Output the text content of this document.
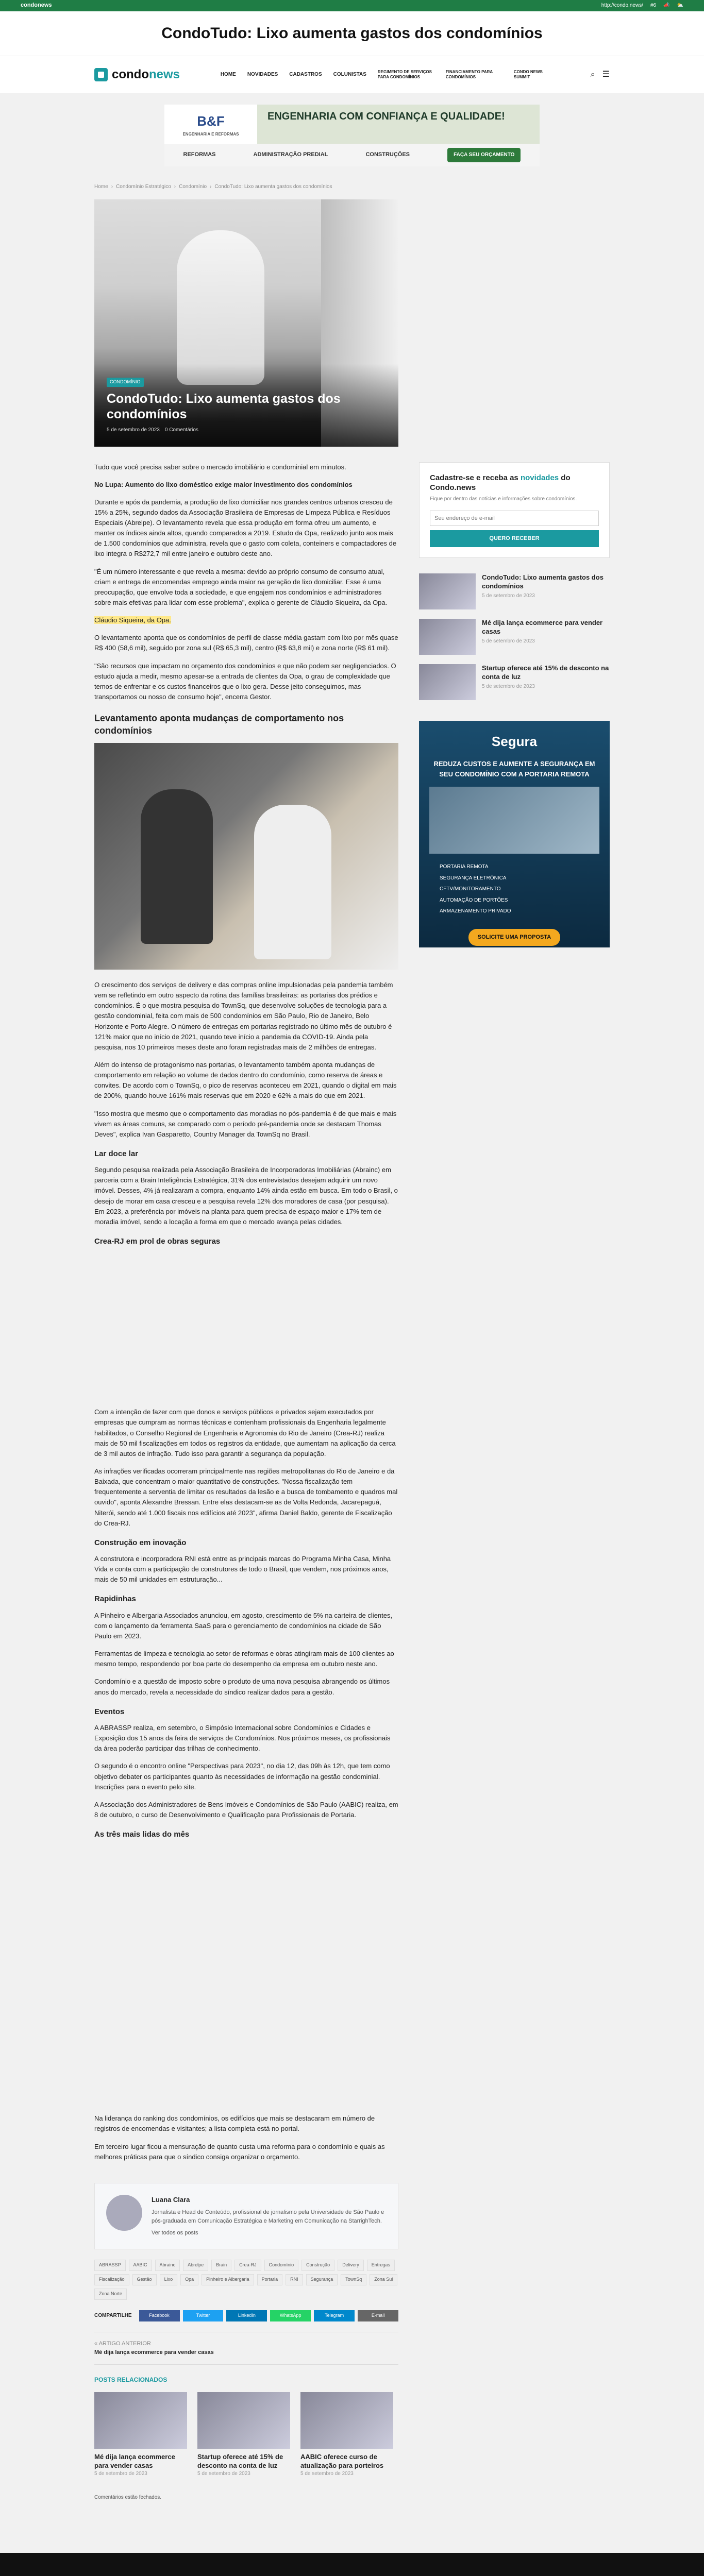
condonews	http://condo.news/ #6 📣 ⛅
CondoTudo: Lixo aumenta gastos dos condomínios
condonews	HOME NOVIDADES CADASTROS COLUNISTAS	REGIMENTO DE SERVIÇOS PARA CONDOMÍNIOS
FINANCIAMENTO PARA CONDOMÍNIOS
CONDO NEWS SUMMIT	⌕ ☰
B&F
ENGENHARIA E REFORMAS
ENGENHARIA COM CONFIANÇA E QUALIDADE!
REFORMAS	ADMINISTRAÇÃO PREDIAL	CONSTRUÇÕES	FAÇA SEU ORÇAMENTO
Home › Condomínio Estratégico › Condomínio › CondoTudo: Lixo aumenta gastos dos condomínios
CONDOMÍNIO
CondoTudo: Lixo aumenta gastos dos condomínios
5 de setembro de 2023 0 Comentários

Tudo que você precisa saber sobre o mercado imobiliário e condominial em minutos.

No Lupa: Aumento do lixo doméstico exige maior investimento dos condomínios

Durante e após da pandemia, a produção de lixo domiciliar nos grandes centros urbanos cresceu de 15% a 25%, segundo dados da Associação Brasileira de Empresas de Limpeza Pública e Resíduos Especiais (Abrelpe). O levantamento revela que essa produção em forma ofreu um aumento, e manter os índices ainda altos, quando comparados a 2019. Estudo da Opa, realizado junto aos mais de 1.500 condomínios que administra, revela que o gasto com coleta, conteiners e compactadores de lixo integra o R$272,7 mil entre janeiro e outubro deste ano.

"É um número interessante e que revela a mesma: devido ao próprio consumo de consumo atual, criam e entrega de encomendas emprego ainda maior na geração de lixo domiciliar. Esse é uma preocupação, que envolve toda a sociedade, e que engajem nos condomínios e administradores sobre mais efetivas para lidar com esse problema", explica o gerente de Cláudio Siqueira, da Opa.

Cláudio Siqueira, da Opa.

O levantamento aponta que os condomínios de perfil de classe média gastam com lixo por mês quase R$ 400 (58,6 mil), seguido por zona sul (R$ 65,3 mil), centro (R$ 63,8 mil) e zona norte (R$ 61 mil).

"São recursos que impactam no orçamento dos condomínios e que não podem ser negligenciados. O estudo ajuda a medir, mesmo apesar-se a entrada de clientes da Opa, o grau de complexidade que temos de enfrentar e os custos financeiros que o lixo gera. Desse jeito conseguimos, mas transportamos ou nosso de consumo hoje", encerra Gestor.

Levantamento aponta mudanças de comportamento nos condomínios

O crescimento dos serviços de delivery e das compras online impulsionadas pela pandemia também vem se refletindo em outro aspecto da rotina das famílias brasileiras: as portarias dos prédios e condomínios. É o que mostra pesquisa do TownSq, que desenvolve soluções de tecnologia para a gestão condominial, feita com mais de 500 condomínios em São Paulo, Rio de Janeiro, Belo Horizonte e Porto Alegre. O número de entregas em portarias registrado no último mês de outubro é 121% maior que no início de 2021, quando teve início a pandemia da COVID-19. Ainda pela pesquisa, nos 10 primeiros meses deste ano foram registradas mais de 2 milhões de entregas.

Além do intenso de protagonismo nas portarias, o levantamento também aponta mudanças de comportamento em relação ao volume de dados dentro do condomínio, como reserva de áreas e convites. De acordo com o TownSq, o pico de reservas aconteceu em 2021, quando o digital em mais de 200%, quando houve 161% mais reservas que em 2020 e 62% a mais do que em 2021.

"Isso mostra que mesmo que o comportamento das moradias no pós-pandemia é de que mais e mais vivem as áreas comuns, se comparado com o período pré-pandemia onde se destacam Thomas Deves", explica Ivan Gasparetto, Country Manager da TownSq no Brasil.

Lar doce lar

Segundo pesquisa realizada pela Associação Brasileira de Incorporadoras Imobiliárias (Abrainc) em parceria com a Brain Inteligência Estratégica, 31% dos entrevistados desejam adquirir um novo imóvel. Desses, 4% já realizaram a compra, enquanto 14% ainda estão em busca. Em todo o Brasil, o desejo de morar em casa cresceu e a pesquisa revela 12% dos moradores de casa (por pesquisa). Em 2023, a preferência por imóveis na planta para quem precisa de espaço maior e 17% tem de moradia imóvel, sendo a locação a forma em que o mercado avança pelas cidades.

Crea-RJ em prol de obras seguras

Com a intenção de fazer com que donos e serviços públicos e privados sejam executados por empresas que cumpram as normas técnicas e contenham profissionais da Engenharia legalmente habilitados, o Conselho Regional de Engenharia e Agronomia do Rio de Janeiro (Crea-RJ) realiza mais de 50 mil fiscalizações em todos os registros da entidade, que aumentam na aplicação da cerca de 3 mil autos de infração. Tudo isso para garantir a segurança da população.

As infrações verificadas ocorreram principalmente nas regiões metropolitanas do Rio de Janeiro e da Baixada, que concentram o maior quantitativo de construções. "Nossa fiscalização tem frequentemente a serventia de limitar os resultados da lesão e a busca de tombamento e quadros mal ouvido", aponta Alexandre Bressan. Entre elas destacam-se as de Volta Redonda, Jacarepaguá, Niterói, sendo até 1.000 fiscais nos edifícios até 2023", afirma Daniel Baldo, gerente de Fiscalização do Crea-RJ.

Construção em inovação

A construtora e incorporadora RNI está entre as principais marcas do Programa Minha Casa, Minha Vida e conta com a participação de construtores de todo o Brasil, que vendem, nos próximos anos, mais de 50 mil unidades em estruturação...

Rapidinhas

A Pinheiro e Albergaria Associados anunciou, em agosto, crescimento de 5% na carteira de clientes, com o lançamento da ferramenta SaaS para o gerenciamento de condomínios na cidade de São Paulo em 2023.

Ferramentas de limpeza e tecnologia ao setor de reformas e obras atingiram mais de 100 clientes ao mesmo tempo, respondendo por boa parte do desempenho da empresa em outubro neste ano.

Condomínio e a questão de imposto sobre o produto de uma nova pesquisa abrangendo os últimos anos do mercado, revela a necessidade do síndico realizar dados para a gestão.

Eventos

A ABRASSP realiza, em setembro, o Simpósio Internacional sobre Condomínios e Cidades e Exposição dos 15 anos da feira de serviços de Condomínios. Nos próximos meses, os profissionais da área poderão participar das trilhas de conhecimento.

O segundo é o encontro online "Perspectivas para 2023", no dia 12, das 09h às 12h, que tem como objetivo debater os participantes quanto às necessidades de informação na gestão condominial. Inscrições para o evento pelo site.

A Associação dos Administradores de Bens Imóveis e Condomínios de São Paulo (AABIC) realiza, em 8 de outubro, o curso de Desenvolvimento e Qualificação para Profissionais de Portaria.

As três mais lidas do mês

Na liderança do ranking dos condomínios, os edifícios que mais se destacaram em número de registros de encomendas e visitantes; a lista completa está no portal.

Em terceiro lugar ficou a mensuração de quanto custa uma reforma para o condomínio e quais as melhores práticas para que o síndico consiga organizar o orçamento.

Luana Clara
Jornalista e Head de Conteúdo, profissional de jornalismo pela Universidade de São Paulo e pós-graduada em Comunicação Estratégica e Marketing em Comunicação na StarrighTech.
Ver todos os posts
ABRASSP	AABIC	Abrainc	Abrelpe	Brain	Crea-RJ	Condomínio	Construção	Delivery	Entregas
Fiscalização	Gestão	Lixo	Opa	Pinheiro e Albergaria	Portaria	RNI	Segurança	TownSq	Zona Sul
Zona Norte
COMPARTILHE	Facebook	Twitter	LinkedIn	WhatsApp	Telegram	E-mail
« ARTIGO ANTERIOR
Mé dija lança ecommerce para vender casas
POSTS RELACIONADOS
Mé dija lança ecommerce para vender casas
5 de setembro de 2023
Startup oferece até 15% de desconto na conta de luz
5 de setembro de 2023
AABIC oferece curso de atualização para porteiros
5 de setembro de 2023
Comentários estão fechados.
Cadastre-se e receba as novidades do Condo.news
Fique por dentro das notícias e informações sobre condomínios. Seu endereço de e-mail
QUERO RECEBER
CondoTudo: Lixo aumenta gastos dos condomínios
5 de setembro de 2023
Mé dija lança ecommerce para vender casas
5 de setembro de 2023
Startup oferece até 15% de desconto na conta de luz
5 de setembro de 2023
Segura
REDUZA CUSTOS E AUMENTE A SEGURANÇA EM SEU CONDOMÍNIO COM A PORTARIA REMOTA
PORTARIA REMOTA
SEGURANÇA ELETRÔNICA
CFTV/MONITORAMENTO
AUTOMAÇÃO DE PORTÕES
ARMAZENAMENTO PRIVADO
SOLICITE UMA PROPOSTA
